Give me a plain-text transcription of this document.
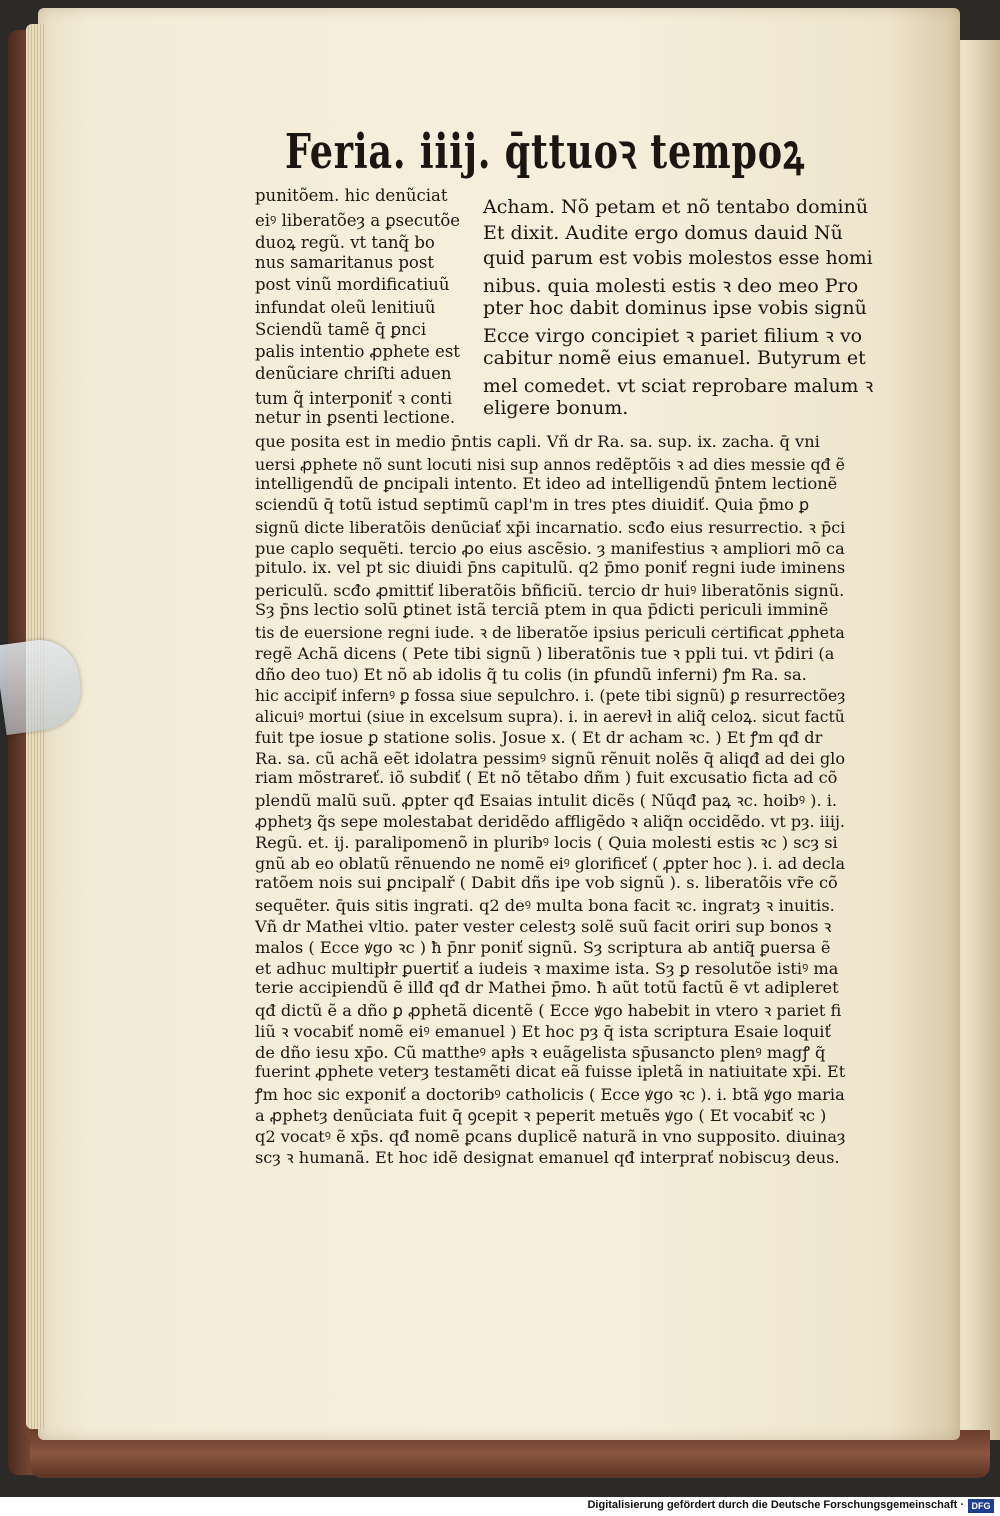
Feria. iiij. q̄ttuoꝛ tempoꝝ
punitõem. hic denũciat
eiꝰ liberatõeȝ a ꝑsecutõe
duoꝝ regũ. vt tanq̃ bo
nus samaritanus post
post vinũ mordificatiuũ
infundat oleũ lenitiuũ
Sciendũ tamẽ q̄ ꝑnci
palis intentio ꝓphete est
denũciare chriſti aduen
tum q̃ interponiť ꝛ conti
netur in ꝑsenti lectione.
Acham. Nõ petam et nõ tentabo dominũ
Et dixit. Audite ergo domus dauid Nũ
quid parum est vobis molestos esse homi
nibus. quia molesti estis ꝛ deo meo Pro
pter hoc dabit dominus ipse vobis signũ
Ecce virgo concipiet ꝛ pariet filium ꝛ vo
cabitur nomẽ eius emanuel. Butyrum et
mel comedet. vt sciat reprobare malum ꝛ
eligere bonum.
que posita est in medio p̄ntis capli. Vñ dr Ra. sa. sup. ix. zacha. q̄ vni
uersi ꝓphete nõ sunt locuti nisi sup annos redẽptõis ꝛ ad dies messie qđ ẽ
intelligendũ de ꝑncipali intento. Et ideo ad intelligendũ p̄ntem lectionẽ
sciendũ q̄ totũ istud septimũ capl'm in tres ptes diuidiť. Quia p̄mo ꝑ
signũ dicte liberatõis denũciať xp̄i incarnatio. scđo eius resurrectio. ꝛ p̄ci
pue caplo sequẽti. tercio ꝓo eius ascẽsio. ȝ manifestius ꝛ ampliori mõ ca
pitulo. ix. vel pt sic diuidi p̄ns capitulũ. q2 p̄mo poniť regni iude iminens
periculũ. scđo ꝓmittiť liberatõis bñficiũ. tercio dr huiꝰ liberatõnis signũ.
Sȝ p̄ns lectio solũ ꝑtinet istã terciã ptem in qua p̄dicti periculi imminẽ
tis de euersione regni iude. ꝛ de liberatõe ipsius periculi certificat ꝓpheta
regẽ Achã dicens ( Pete tibi signũ ) liberatõnis tue ꝛ ppli tui. vt p̄diri (a
dño deo tuo) Et nõ ab idolis q̃ tu colis (in ꝑfundũ inferni) ꝭm Ra. sa.
hic accipiť infernꝰ ꝑ fossa siue sepulchro. i. (pete tibi signũ) ꝑ resurrectõeȝ
alicuiꝰ mortui (siue in excelsum supra). i. in aerevł in aliq̃ celoꝝ. sicut factũ
fuit tpe iosue ꝑ statione solis. Josue x. ( Et dr acham ꝛc. ) Et ꝭm qđ dr
Ra. sa. cũ achã eẽt idolatra pessimꝰ signũ rẽnuit nolẽs q̄ aliqđ ad dei glo
riam mõstrareť. iõ subdiť ( Et nõ tẽtabo dñm ) fuit excusatio ficta ad cõ
plendũ malũ suũ. ꝓpter qđ Esaias intulit dicẽs ( Nũqđ paꝝ ꝛc. hoibꝰ ). i.
ꝓphetȝ q̃s sepe molestabat deridẽdo affligẽdo ꝛ aliq̃n occidẽdo. vt pȝ. iiij.
Regũ. et. ij. paralipomenõ in pluribꝰ locis ( Quia molesti estis ꝛc ) scȝ si
gnũ ab eo oblatũ rẽnuendo ne nomẽ eiꝰ glorificeť ( ꝓpter hoc ). i. ad decla
ratõem nois sui ꝑncipalř ( Dabit dñs ipe vob signũ ). s. liberatõis vr̃e cõ
sequẽter. q̄uis sitis ingrati. q2 deꝰ multa bona facit ꝛc. ingratȝ ꝛ inuitis.
Vñ dr Mathei vltio. pater vester celestȝ solẽ suũ facit oriri sup bonos ꝛ
malos ( Ecce ꝟgo ꝛc ) ħ p̄nr poniť signũ. Sȝ scriptura ab antiq̃ ꝑuersa ẽ
et adhuc multipłr ꝑuertiť a iudeis ꝛ maxime ista. Sȝ ꝑ resolutõe istiꝰ ma
terie accipiendũ ẽ illđ qđ dr Mathei p̄mo. ħ aũt totũ factũ ẽ vt adipleret
qđ dictũ ẽ a dño ꝑ ꝓphetã dicentẽ ( Ecce ꝟgo habebit in vtero ꝛ pariet fi
liũ ꝛ vocabiť nomẽ eiꝰ emanuel ) Et hoc pȝ q̄ ista scriptura Esaie loquiť
de dño iesu xp̄o. Cũ mattheꝰ apłs ꝛ euãgelista sp̄usancto plenꝰ magꝭ q̃
fuerint ꝓphete veterȝ testamẽti dicat eã fuisse ipletã in natiuitate xp̄i. Et
ꝭm hoc sic exponiť a doctoribꝰ catholicis ( Ecce ꝟgo ꝛc ). i. btã ꝟgo maria
a ꝓphetȝ denũciata fuit q̄ ꝯcepit ꝛ peperit metuẽs ꝟgo ( Et vocabiť ꝛc )
q2 vocatꝰ ẽ xp̄s. qđ nomẽ ꝑcans duplicẽ naturã in vno supposito. diuinaȝ
scȝ ꝛ humanã. Et hoc idẽ designat emanuel qđ interprať nobiscuȝ deus.
Digitalisierung gefördert durch die Deutsche Forschungsgemeinschaft · DFG
